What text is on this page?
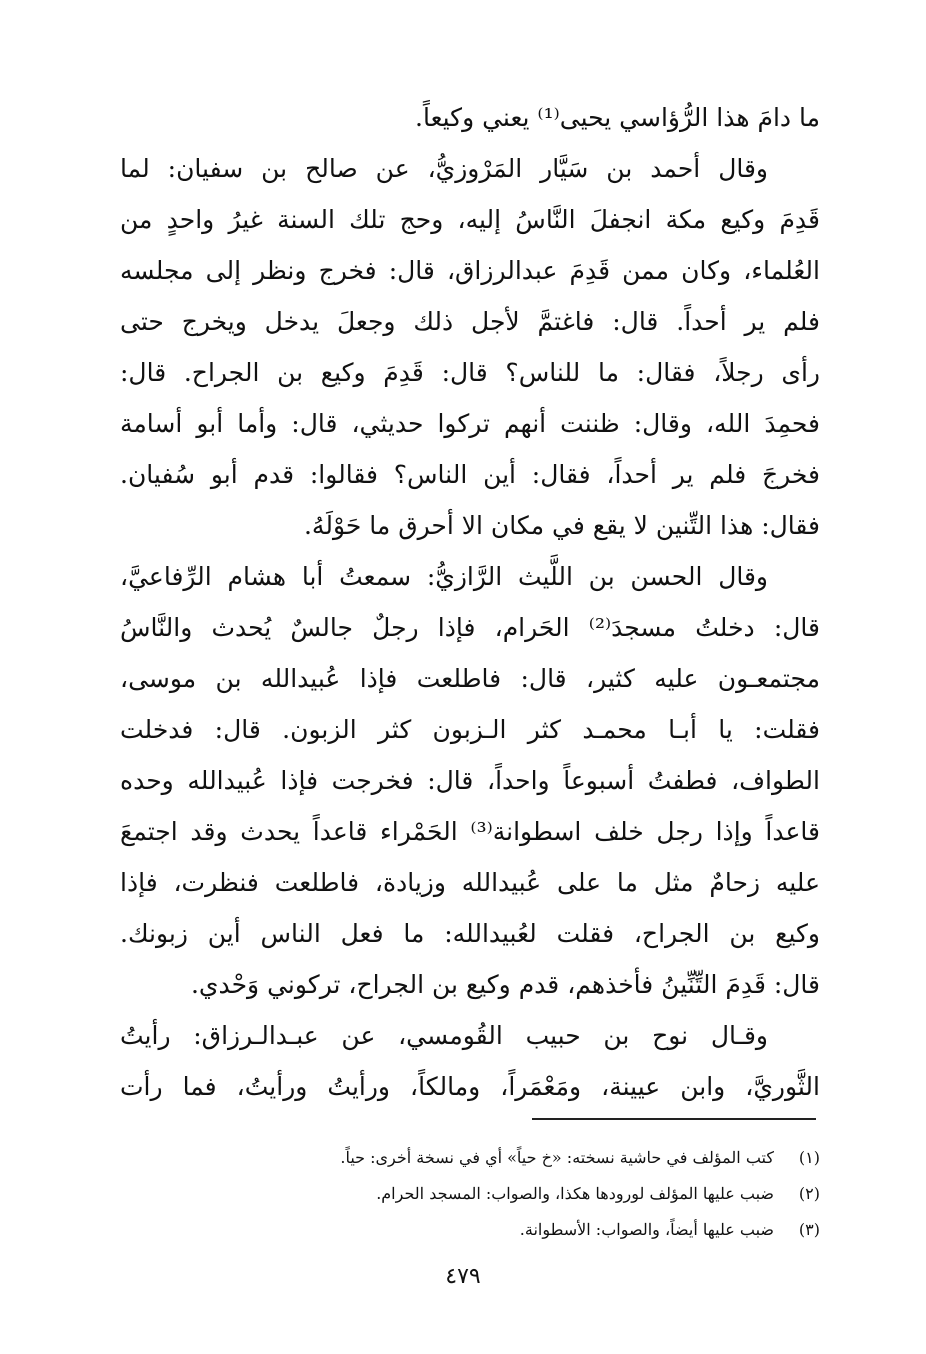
ما دامَ هذا الرُّؤاسي يحيى⁽¹⁾ يعني وكيعاً.
وقال أحمد بن سَيَّار المَرْوزيُّ، عن صالح بن سفيان: لما
قَدِمَ وكيع مكة انجفلَ النَّاسُ إليه، وحج تلك السنة غيرُ واحدٍ من
العُلماء، وكان ممن قَدِمَ عبدالرزاق، قال: فخرج ونظر إلى مجلسه
فلم ير أحداً. قال: فاغتمَّ لأجل ذلك وجعلَ يدخل ويخرج حتى
رأى رجلاً، فقال: ما للناس؟ قال: قَدِمَ وكيع بن الجراح. قال:
فحمِدَ الله، وقال: ظننت أنهم تركوا حديثي، قال: وأما أبو أسامة
فخرجَ فلم ير أحداً، فقال: أين الناس؟ فقالوا: قدم أبو سُفيان.
فقال: هذا التِّنين لا يقع في مكان الا أحرق ما حَوْلَهُ.
وقال الحسن بن اللَّيث الرَّازيُّ: سمعتُ أبا هشام الرِّفاعيَّ،
قال: دخلتُ مسجدَ⁽²⁾ الحَرام، فإذا رجلٌ جالسٌ يُحدث والنَّاسُ
مجتمعـون عليه كثير، قال: فاطلعت فإذا عُبيدالله بن موسى،
فقلت: يا أبـا محمـد كثر الـزبون كثر الزبون. قال: فدخلت
الطواف، فطفتُ أسبوعاً واحداً، قال: فخرجت فإذا عُبيدالله وحده
قاعداً وإذا رجل خلف اسطوانة⁽³⁾ الحَمْراء قاعداً يحدث وقد اجتمعَ
عليه زحامٌ مثل ما على عُبيدالله وزيادة، فاطلعت فنظرت، فإذا
وكيع بن الجراح، فقلت لعُبيدالله: ما فعل الناس أين زبونك.
قال: قَدِمَ التِّنِّينُ فأخذهم، قدم وكيع بن الجراح، تركوني وَحْدي.
وقـال نوح بن حبيب القُومسي، عن عبـدالـرزاق: رأيتُ
الثَّوريَّ، وابن عيينة، ومَعْمَراً، ومالكاً، ورأيتُ ورأيتُ، فما رأت
(١)
كتب المؤلف في حاشية نسخته: «خ حياً» أي في نسخة أخرى: حياً.
(٢)
ضبب عليها المؤلف لورودها هكذا، والصواب: المسجد الحرام.
(٣)
ضبب عليها أيضاً، والصواب: الأسطوانة.
٤٧٩
